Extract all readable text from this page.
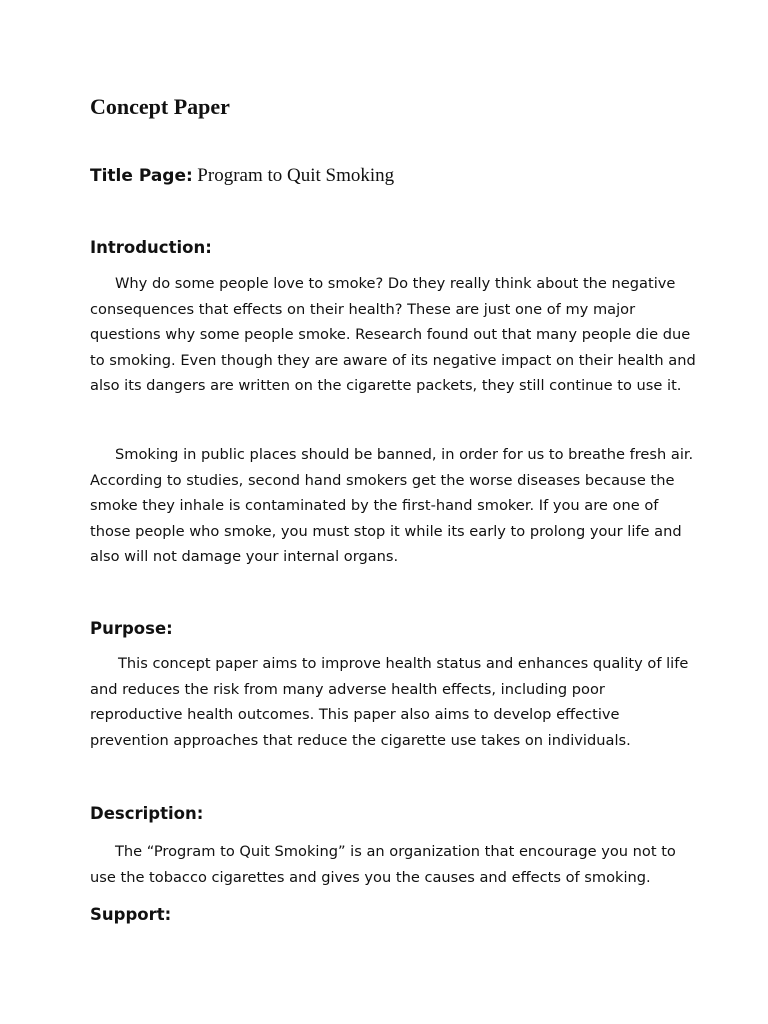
Concept Paper
Title Page: Program to Quit Smoking
Introduction:

Why do some people love to smoke? Do they really think about the negative
consequences that effects on their health? These are just one of my major
questions why some people smoke. Research found out that many people die due
to smoking. Even though they are aware of its negative impact on their health and
also its dangers are written on the cigarette packets, they still continue to use it.

Smoking in public places should be banned, in order for us to breathe fresh air.
According to studies, second hand smokers get the worse diseases because the
smoke they inhale is contaminated by the first-hand smoker. If you are one of
those people who smoke, you must stop it while its early to prolong your life and
also will not damage your internal organs.

Purpose:

This concept paper aims to improve health status and enhances quality of life
and reduces the risk from many adverse health effects, including poor
reproductive health outcomes. This paper also aims to develop effective
prevention approaches that reduce the cigarette use takes on individuals.

Description:

The “Program to Quit Smoking” is an organization that encourage you not to
use the tobacco cigarettes and gives you the causes and effects of smoking.

Support:
